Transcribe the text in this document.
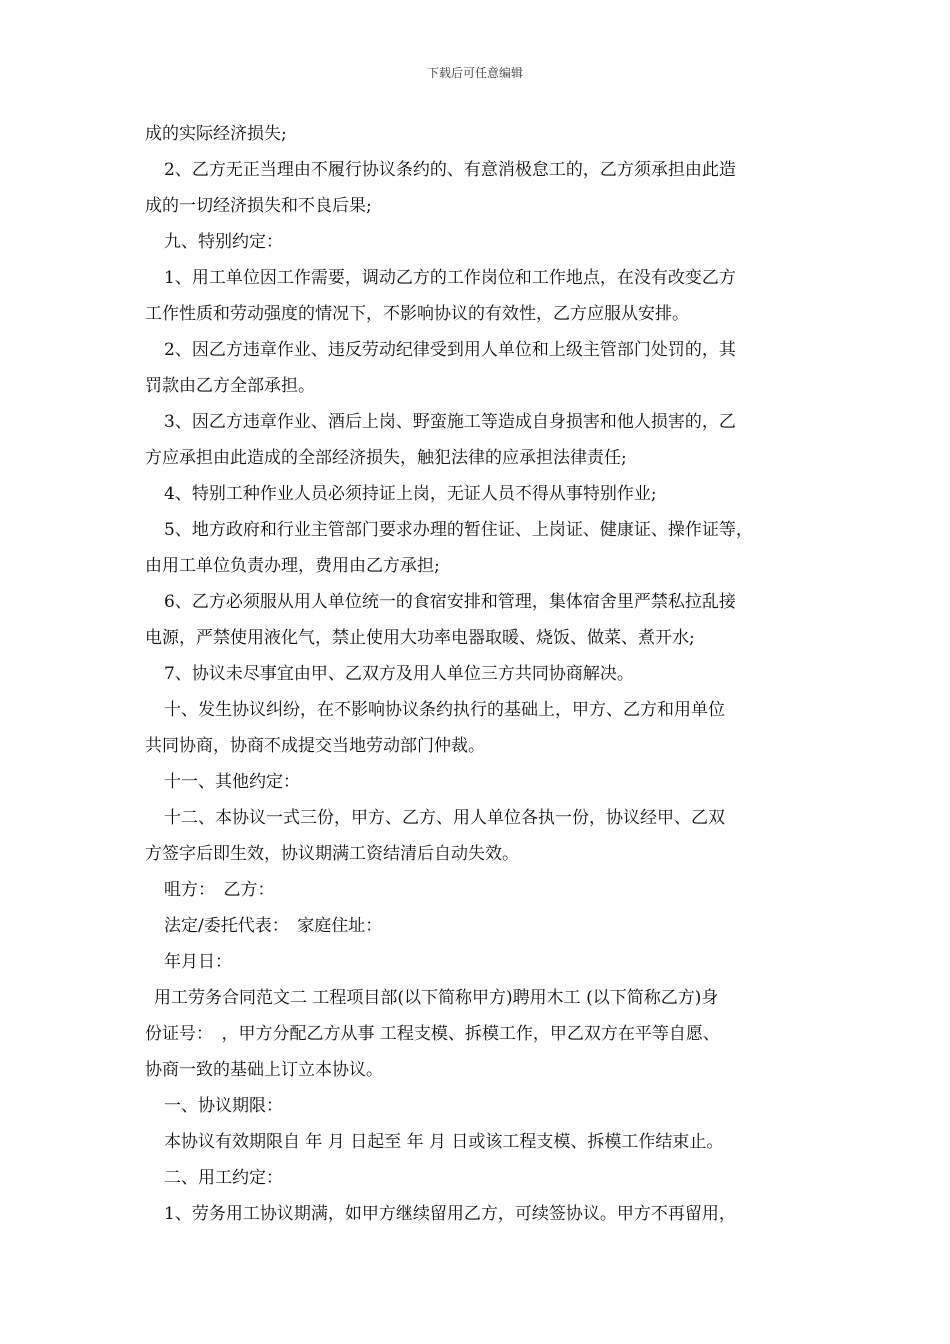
下载后可任意编辑

成的实际经济损失;

2、乙方无正当理由不履行协议条约的、有意消极怠工的，乙方须承担由此造

成的一切经济损失和不良后果;

九、特别约定：

1、用工单位因工作需要，调动乙方的工作岗位和工作地点，在没有改变乙方

工作性质和劳动强度的情况下，不影响协议的有效性，乙方应服从安排。

2、因乙方违章作业、违反劳动纪律受到用人单位和上级主管部门处罚的，其

罚款由乙方全部承担。

3、因乙方违章作业、酒后上岗、野蛮施工等造成自身损害和他人损害的，乙

方应承担由此造成的全部经济损失，触犯法律的应承担法律责任;

4、特别工种作业人员必须持证上岗，无证人员不得从事特别作业;

5、地方政府和行业主管部门要求办理的暂住证、上岗证、健康证、操作证等，

由用工单位负责办理，费用由乙方承担;

6、乙方必须服从用人单位统一的食宿安排和管理，集体宿舍里严禁私拉乱接

电源，严禁使用液化气，禁止使用大功率电器取暖、烧饭、做菜、煮开水;

7、协议未尽事宜由甲、乙双方及用人单位三方共同协商解决。

十、发生协议纠纷，在不影响协议条约执行的基础上，甲方、乙方和用单位

共同协商，协商不成提交当地劳动部门仲裁。

十一、其他约定：

十二、本协议一式三份，甲方、乙方、用人单位各执一份，协议经甲、乙双

方签字后即生效，协议期满工资结清后自动失效。

咀方：　乙方：

法定/委托代表：　家庭住址：

年月日：

用工劳务合同范文二 工程项目部(以下简称甲方)聘用木工 (以下简称乙方)身

份证号：　，甲方分配乙方从事 工程支模、拆模工作，甲乙双方在平等自愿、

协商一致的基础上订立本协议。

一、协议期限：

本协议有效期限自 年 月 日起至 年 月 日或该工程支模、拆模工作结束止。

二、用工约定：

1、劳务用工协议期满，如甲方继续留用乙方，可续签协议。甲方不再留用，
